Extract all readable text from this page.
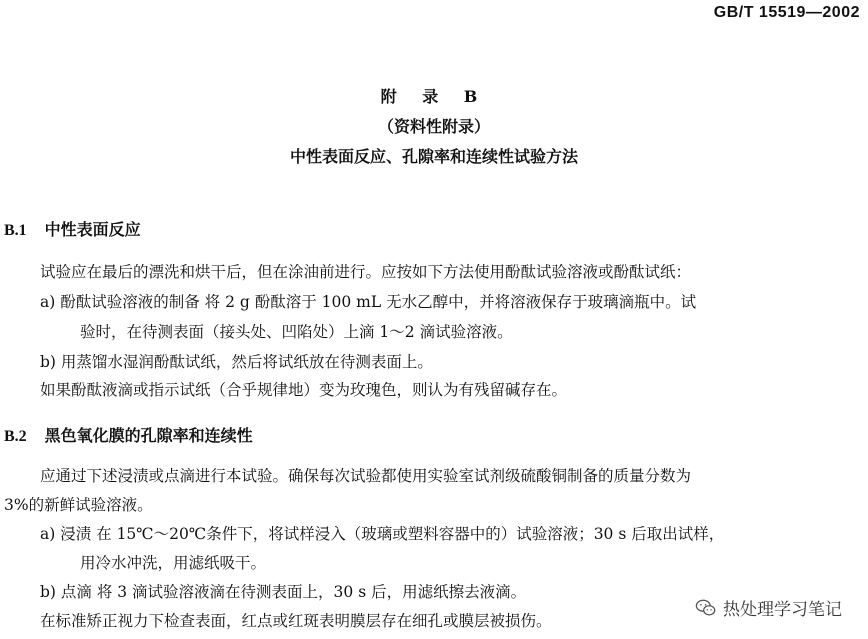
GB/T 15519—2002
附 录 B
（资料性附录）
中性表面反应、孔隙率和连续性试验方法
B.1 中性表面反应
试验应在最后的漂洗和烘干后，但在涂油前进行。应按如下方法使用酚酞试验溶液或酚酞试纸：
a) 酚酞试验溶液的制备 将 2 g 酚酞溶于 100 mL 无水乙醇中，并将溶液保存于玻璃滴瓶中。试
验时，在待测表面（接头处、凹陷处）上滴 1～2 滴试验溶液。
b) 用蒸馏水湿润酚酞试纸，然后将试纸放在待测表面上。
如果酚酞液滴或指示试纸（合乎规律地）变为玫瑰色，则认为有残留碱存在。
B.2 黑色氧化膜的孔隙率和连续性
应通过下述浸渍或点滴进行本试验。确保每次试验都使用实验室试剂级硫酸铜制备的质量分数为
3%的新鲜试验溶液。
a) 浸渍 在 15℃～20℃条件下，将试样浸入（玻璃或塑料容器中的）试验溶液；30 s 后取出试样，
用冷水冲洗，用滤纸吸干。
b) 点滴 将 3 滴试验溶液滴在待测表面上，30 s 后，用滤纸擦去液滴。
在标准矫正视力下检查表面，红点或红斑表明膜层存在细孔或膜层被损伤。
热处理学习笔记
